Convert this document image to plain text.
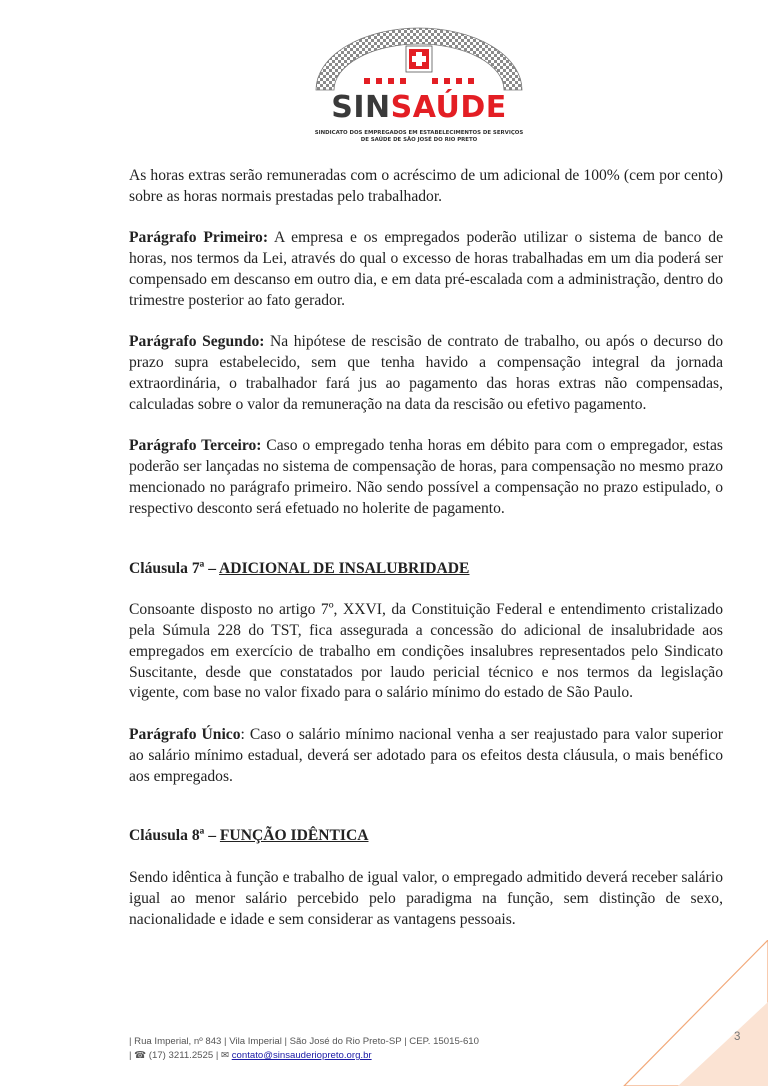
SINSAÚDE
SINDICATO DOS EMPREGADOS EM ESTABELECIMENTOS DE SERVIÇOS
DE SAÚDE DE SÃO JOSÉ DO RIO PRETO

As horas extras serão remuneradas com o acréscimo de um adicional de 100% (cem por cento) sobre as horas normais prestadas pelo trabalhador.

Parágrafo Primeiro: A empresa e os empregados poderão utilizar o sistema de banco de horas, nos termos da Lei, através do qual o excesso de horas trabalhadas em um dia poderá ser compensado em descanso em outro dia, e em data pré-escalada com a administração, dentro do trimestre posterior ao fato gerador.

Parágrafo Segundo: Na hipótese de rescisão de contrato de trabalho, ou após o decurso do prazo supra estabelecido, sem que tenha havido a compensação integral da jornada extraordinária, o trabalhador fará jus ao pagamento das horas extras não compensadas, calculadas sobre o valor da remuneração na data da rescisão ou efetivo pagamento.

Parágrafo Terceiro: Caso o empregado tenha horas em débito para com o empregador, estas poderão ser lançadas no sistema de compensação de horas, para compensação no mesmo prazo mencionado no parágrafo primeiro. Não sendo possível a compensação no prazo estipulado, o respectivo desconto será efetuado no holerite de pagamento.

Cláusula 7ª – ADICIONAL DE INSALUBRIDADE

Consoante disposto no artigo 7º, XXVI, da Constituição Federal e entendimento cristalizado pela Súmula 228 do TST, fica assegurada a concessão do adicional de insalubridade aos empregados em exercício de trabalho em condições insalubres representados pelo Sindicato Suscitante, desde que constatados por laudo pericial técnico e nos termos da legislação vigente, com base no valor fixado para o salário mínimo do estado de São Paulo.

Parágrafo Único: Caso o salário mínimo nacional venha a ser reajustado para valor superior ao salário mínimo estadual, deverá ser adotado para os efeitos desta cláusula, o mais benéfico aos empregados.

Cláusula 8ª – FUNÇÃO IDÊNTICA

Sendo idêntica à função e trabalho de igual valor, o empregado admitido deverá receber salário igual ao menor salário percebido pelo paradigma na função, sem distinção de sexo, nacionalidade e idade e sem considerar as vantagens pessoais.

| Rua Imperial, nº 843 | Vila Imperial | São José do Rio Preto-SP | CEP. 15015-610
| ☎ (17) 3211.2525 | ✉ contato@sinsauderiopreto.org.br
3
